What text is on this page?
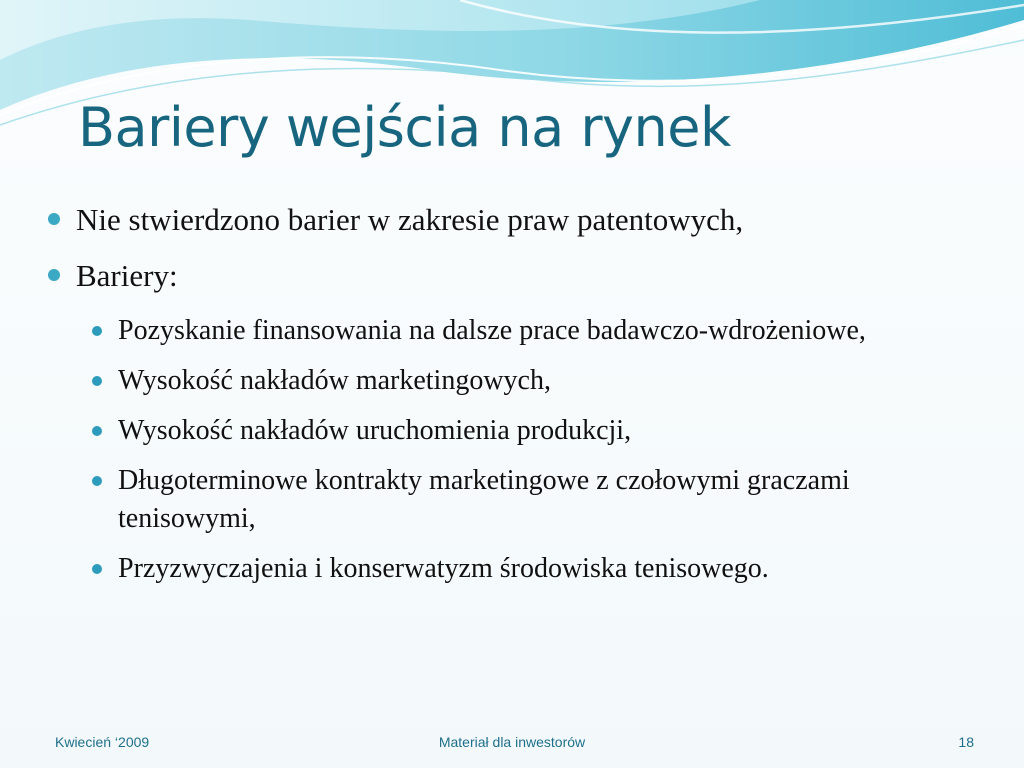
Bariery wejścia na rynek
Nie stwierdzono barier w zakresie praw patentowych,
Bariery:
Pozyskanie finansowania na dalsze prace badawczo-wdrożeniowe,
Wysokość nakładów marketingowych,
Wysokość nakładów uruchomienia produkcji,
Długoterminowe kontrakty marketingowe z czołowymi graczami tenisowymi,
Przyzwyczajenia i konserwatyzm środowiska tenisowego.
Kwiecień ‘2009	Materiał dla inwestorów	18
